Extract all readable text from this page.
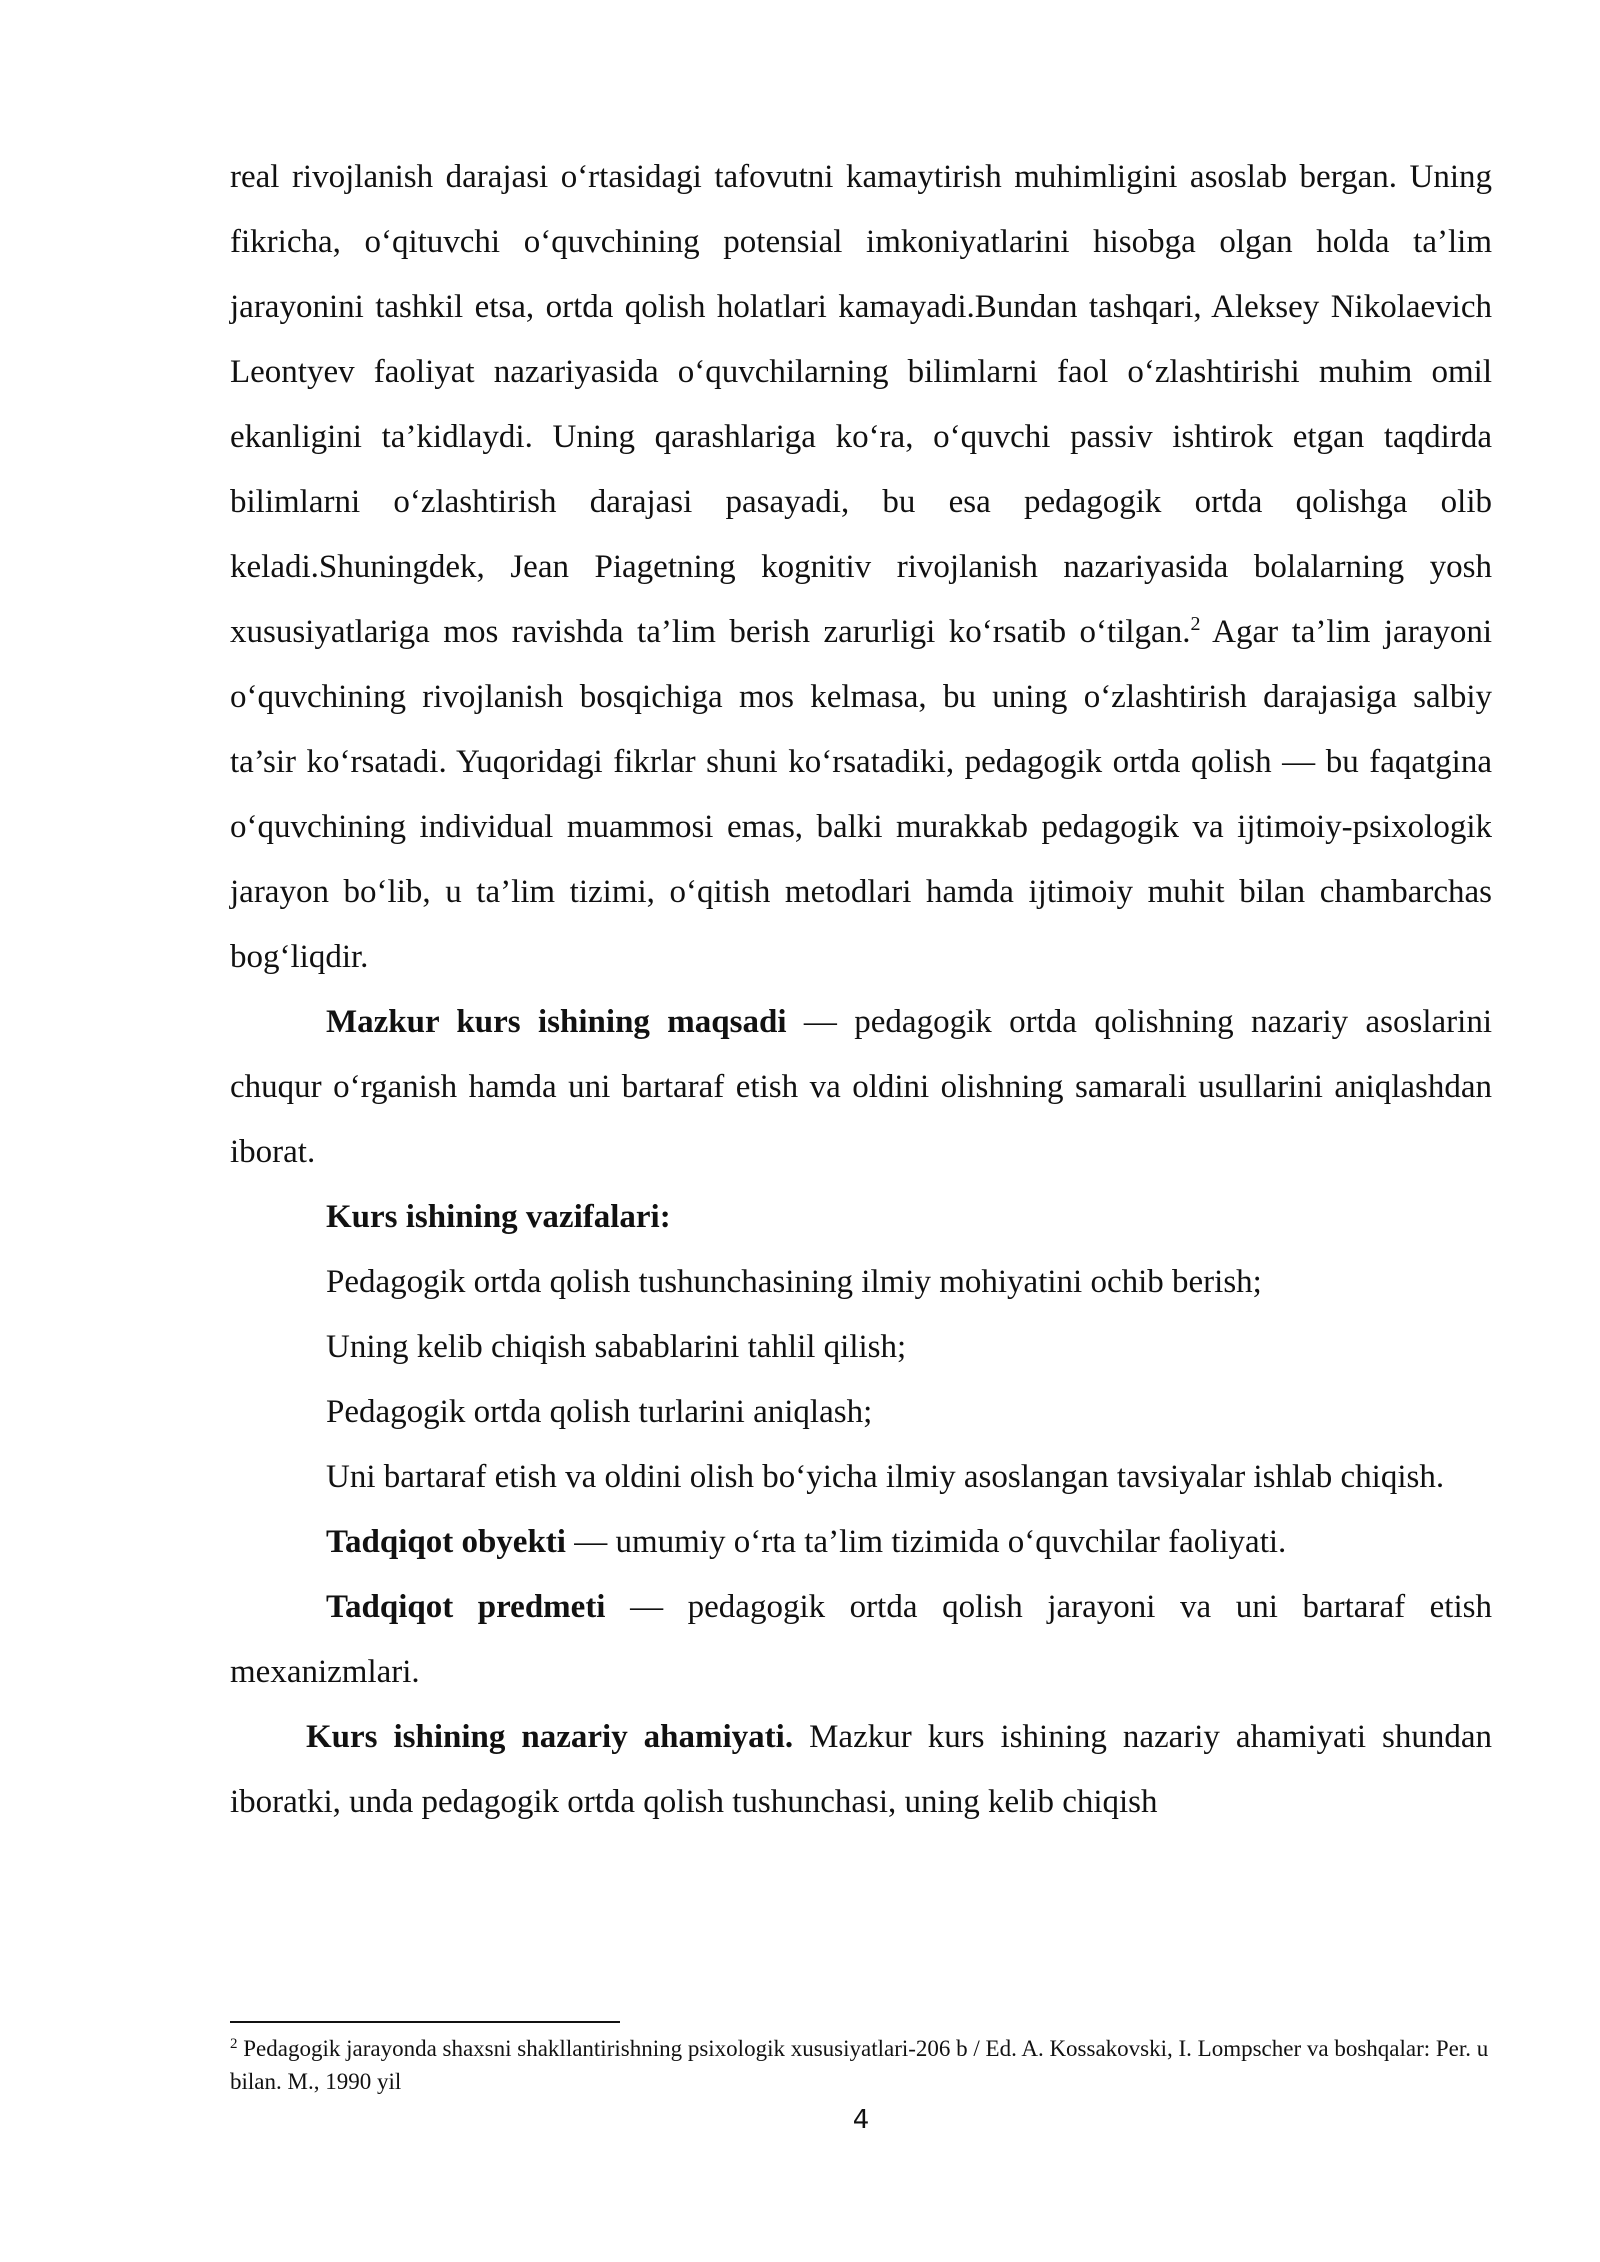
real rivojlanish darajasi o‘rtasidagi tafovutni kamaytirish muhimligini asoslab bergan. Uning fikricha, o‘qituvchi o‘quvchining potensial imkoniyatlarini hisobga olgan holda ta’lim jarayonini tashkil etsa, ortda qolish holatlari kamayadi.Bundan tashqari, Aleksey Nikolaevich Leontyev faoliyat nazariyasida o‘quvchilarning bilimlarni faol o‘zlashtirishi muhim omil ekanligini ta’kidlaydi. Uning qarashlariga ko‘ra, o‘quvchi passiv ishtirok etgan taqdirda bilimlarni o‘zlashtirish darajasi pasayadi, bu esa pedagogik ortda qolishga olib keladi.Shuningdek, Jean Piagetning kognitiv rivojlanish nazariyasida bolalarning yosh xususiyatlariga mos ravishda ta’lim berish zarurligi ko‘rsatib o‘tilgan.$^2$ Agar ta’lim jarayoni o‘quvchining rivojlanish bosqichiga mos kelmasa, bu uning o‘zlashtirish darajasiga salbiy ta’sir ko‘rsatadi. Yuqoridagi fikrlar shuni ko‘rsatadiki, pedagogik ortda qolish — bu faqatgina o‘quvchining individual muammosi emas, balki murakkab pedagogik va ijtimoiy-psixologik jarayon bo‘lib, u ta’lim tizimi, o‘qitish metodlari hamda ijtimoiy muhit bilan chambarchas bog‘liqdir.

Mazkur kurs ishining maqsadi — pedagogik ortda qolishning nazariy asoslarini chuqur o‘rganish hamda uni bartaraf etish va oldini olishning samarali usullarini aniqlashdan iborat.

Kurs ishining vazifalari:

Pedagogik ortda qolish tushunchasining ilmiy mohiyatini ochib berish;

Uning kelib chiqish sabablarini tahlil qilish;

Pedagogik ortda qolish turlarini aniqlash;

Uni bartaraf etish va oldini olish bo‘yicha ilmiy asoslangan tavsiyalar ishlab chiqish.

Tadqiqot obyekti — umumiy o‘rta ta’lim tizimida o‘quvchilar faoliyati.

Tadqiqot predmeti — pedagogik ortda qolish jarayoni va uni bartaraf etish mexanizmlari.

Kurs ishining nazariy ahamiyati. Mazkur kurs ishining nazariy ahamiyati shundan iboratki, unda pedagogik ortda qolish tushunchasi, uning kelib chiqish

$^2$ Pedagogik jarayonda shaxsni shakllantirishning psixologik xususiyatlari-206 b / Ed. A. Kossakovski, I. Lompscher va boshqalar: Per. u bilan. M., 1990 yil

4
